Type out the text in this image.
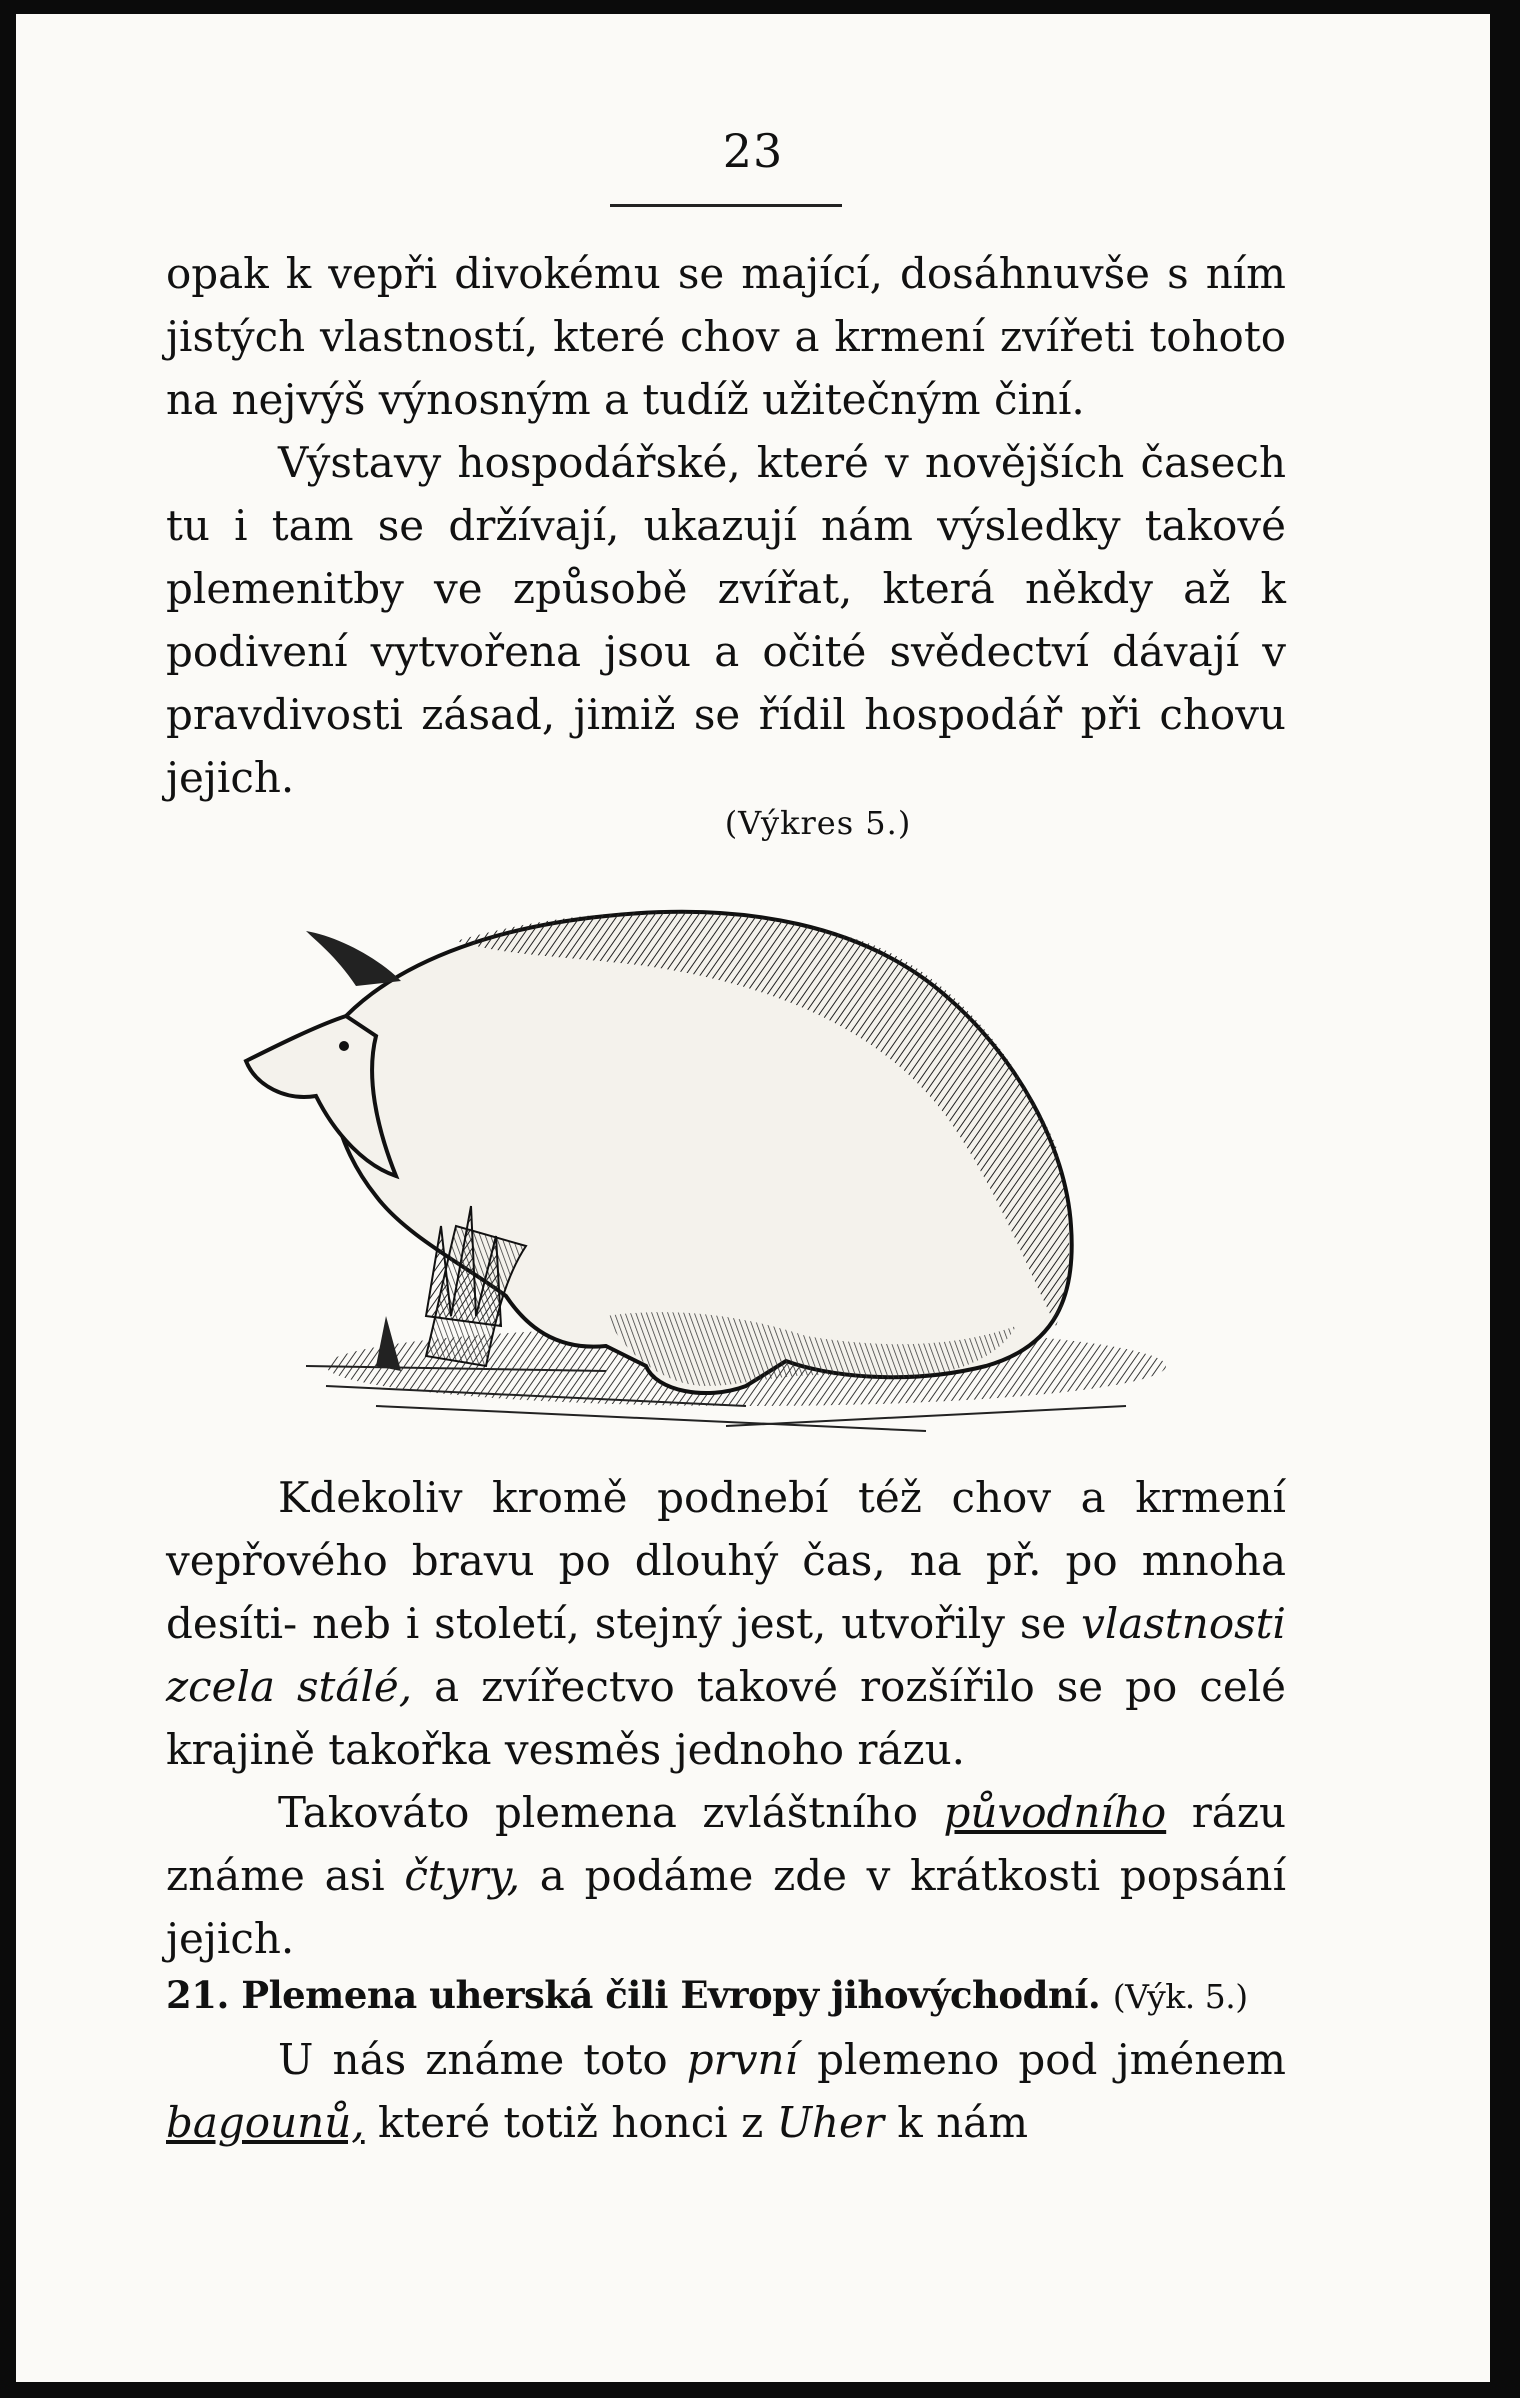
23

opak k vepři divokému se mající, dosáhnuvše s ním jistých vlastností, které chov a krmení zvířeti tohoto na nejvýš výnosným a tudíž užitečným činí.

Výstavy hospodářské, které v novějších časech tu i tam se držívají, ukazují nám výsledky takové plemenitby ve způsobě zvířat, která někdy až k podivení vytvořena jsou a očité svědectví dávají v pravdivosti zásad, jimiž se řídil hospodář při chovu jejich.

(Výkres 5.)

Kdekoliv kromě podnebí též chov a krmení vepřového bravu po dlouhý čas, na př. po mnoha desíti- neb i století, stejný jest, utvořily se vlastnosti zcela stálé, a zvířectvo takové rozšířilo se po celé krajině takořka vesměs jednoho rázu.

Takováto plemena zvláštního původního rázu známe asi čtyry, a podáme zde v krátkosti popsání jejich.

21. Plemena uherská čili Evropy jihovýchodní. (Výk. 5.)

U nás známe toto první plemeno pod jménem bagounů, které totiž honci z Uher k nám
